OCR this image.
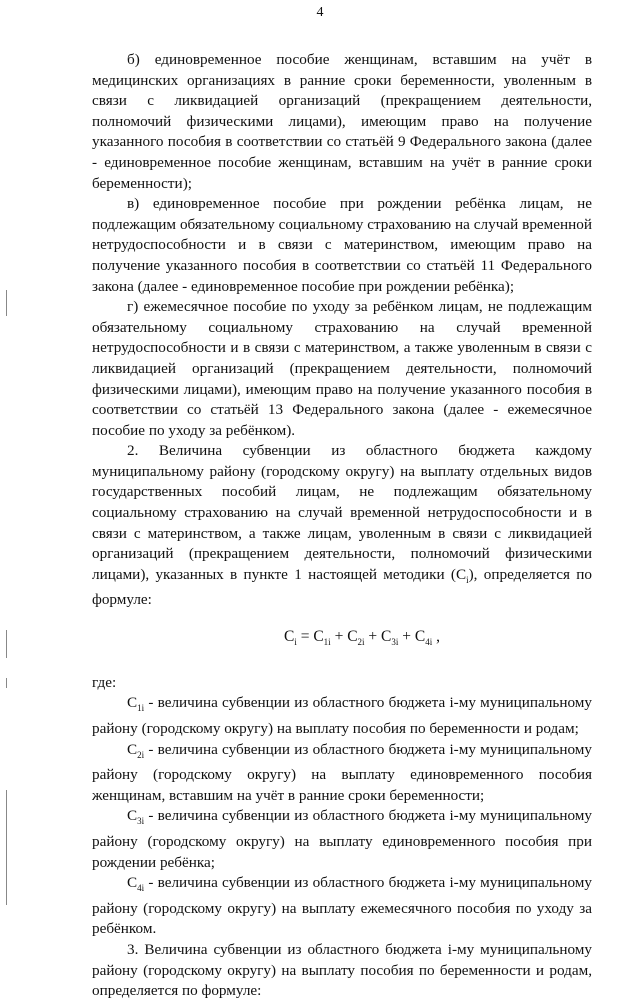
4

б) единовременное пособие женщинам, вставшим на учёт в медицинских организациях в ранние сроки беременности, уволенным в связи с ликвидацией организаций (прекращением деятельности, полномочий физическими лицами), имеющим право на получение указанного пособия в соответствии со статьёй 9 Федерального закона (далее - единовременное пособие женщинам, вставшим на учёт в ранние сроки беременности);

в) единовременное пособие при рождении ребёнка лицам, не подлежащим обязательному социальному страхованию на случай временной нетрудоспособности и в связи с материнством, имеющим право на получение указанного пособия в соответствии со статьёй 11 Федерального закона (далее - единовременное пособие при рождении ребёнка);

г) ежемесячное пособие по уходу за ребёнком лицам, не подлежащим обязательному социальному страхованию на случай временной нетрудоспособности и в связи с материнством, а также уволенным в связи с ликвидацией организаций (прекращением деятельности, полномочий физическими лицами), имеющим право на получение указанного пособия в соответствии со статьёй 13 Федерального закона (далее - ежемесячное пособие по уходу за ребёнком).

2. Величина субвенции из областного бюджета каждому муниципальному району (городскому округу) на выплату отдельных видов государственных пособий лицам, не подлежащим обязательному социальному страхованию на случай временной нетрудоспособности и в связи с материнством, а также лицам, уволенным в связи с ликвидацией организаций (прекращением деятельности, полномочий физическими лицами), указанных в пункте 1 настоящей методики $(C_i)$, определяется по формуле:

$C_i = C_{1i} + C_{2i} + C_{3i} + C_{4i}$ ,

где:

$C_{1i}$ - величина субвенции из областного бюджета i-му муниципальному району (городскому округу) на выплату пособия по беременности и родам;

$C_{2i}$ - величина субвенции из областного бюджета i-му муниципальному району (городскому округу) на выплату единовременного пособия женщинам, вставшим на учёт в ранние сроки беременности;

$C_{3i}$ - величина субвенции из областного бюджета i-му муниципальному району (городскому округу) на выплату единовременного пособия при рождении ребёнка;

$C_{4i}$ - величина субвенции из областного бюджета i-му муниципальному району (городскому округу) на выплату ежемесячного пособия по уходу за ребёнком.

3. Величина субвенции из областного бюджета i-му муниципальному району (городскому округу) на выплату пособия по беременности и родам, определяется по формуле:
